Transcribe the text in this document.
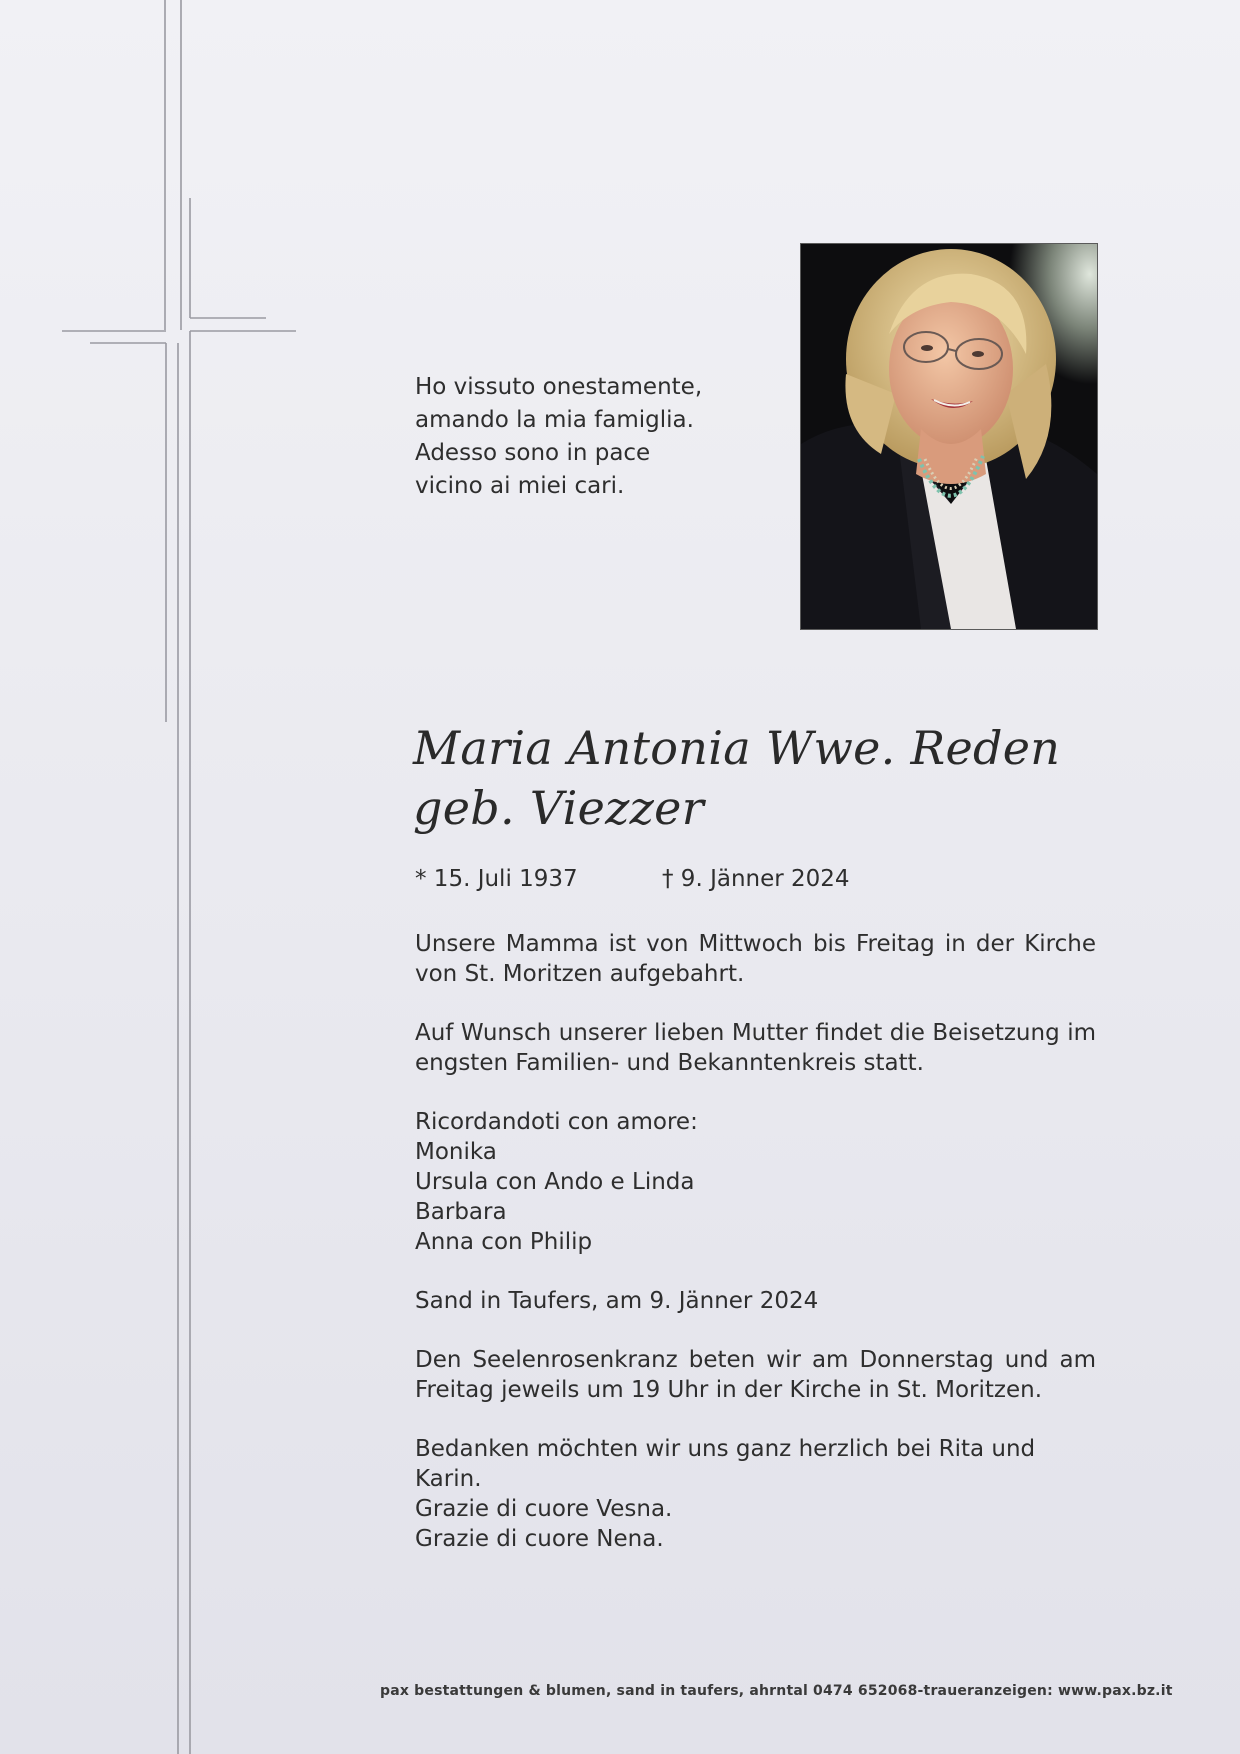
Ho vissuto onestamente,
amando la mia famiglia.
Adesso sono in pace
vicino ai miei cari.
Maria Antonia Wwe. Reden
geb. Viezzer
* 15. Juli 1937	† 9. Jänner 2024

Unsere Mamma ist von Mittwoch bis Freitag in der Kirche von St. Moritzen aufgebahrt.

Auf Wunsch unserer lieben Mutter findet die Beisetzung im engsten Familien- und Bekanntenkreis statt.

Ricordandoti con amore:
Monika
Ursula con Ando e Linda
Barbara
Anna con Philip

Sand in Taufers, am 9. Jänner 2024

Den Seelenrosenkranz beten wir am Donnerstag und am Freitag jeweils um 19 Uhr in der Kirche in St. Moritzen.

Bedanken möchten wir uns ganz herzlich bei Rita und Karin.
Grazie di cuore Vesna.
Grazie di cuore Nena.

pax bestattungen & blumen, sand in taufers, ahrntal 0474 652068-traueranzeigen: www.pax.bz.it
